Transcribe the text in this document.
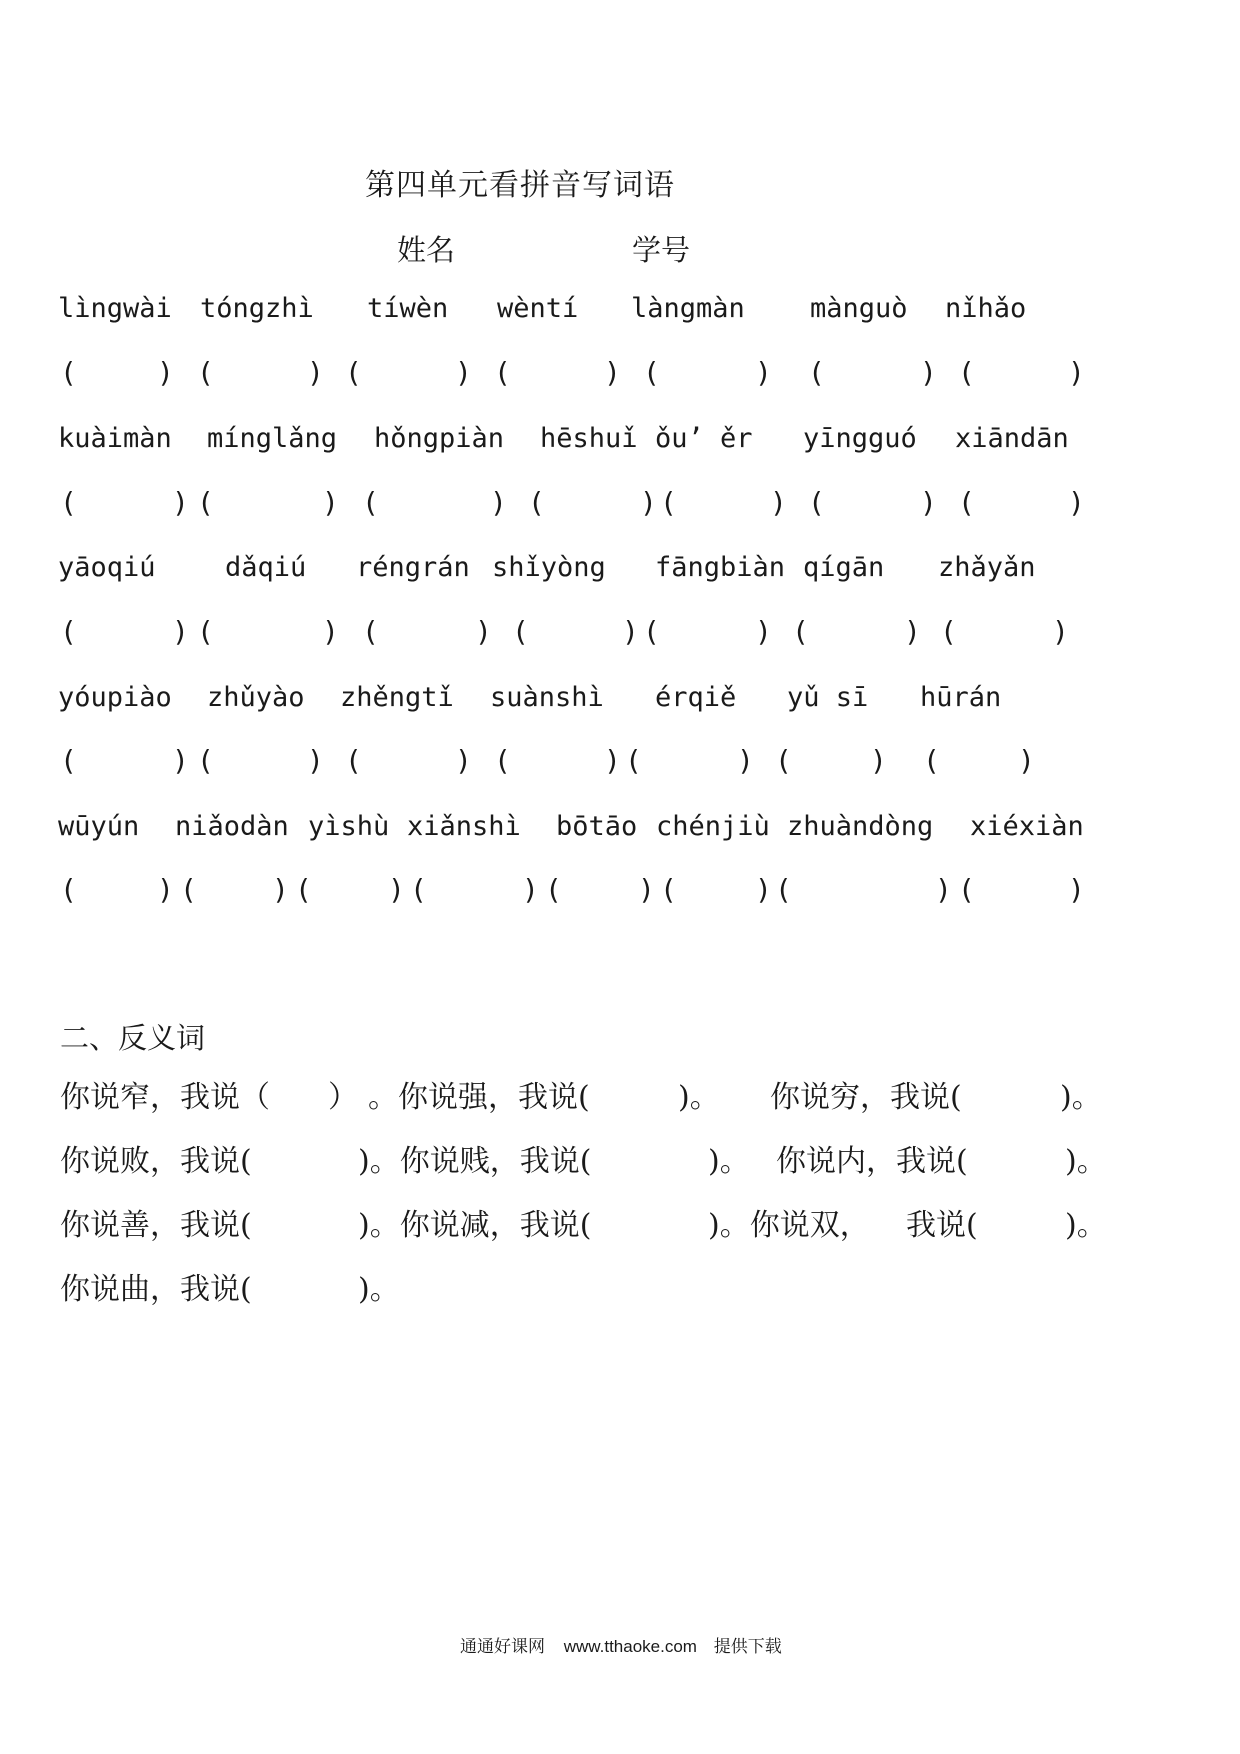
第四单元看拼音写词语
姓名	学号
lìngwài tóngzhì tíwèn wèntí làngmàn mànguò nǐhǎo
(	) (	) (	) (	) (	) (	) (	)
kuàimàn mínglǎng hǒngpiàn hēshuǐ ǒu’ ěr yīngguó xiāndān
(	) (	) (	) (	) (	) (	) (	)
yāoqiú	dǎqiú réngrán shǐyòng fāngbiàn qígān zhǎyǎn
(	) (	) (	) (	) (	) (	) (	)
yóupiào zhǔyào zhěngtǐ suànshì érqiě yǔ sī hūrán
(	) (	) (	) (	) (	) (	) (	)
wūyún niǎodàn yìshù xiǎnshì bōtāo chénjiù zhuàndòng xiéxiàn
(	) (	) (	) (	) (	) (	) (	) (	)
二、反义词
你说窄，我说（ ） 。你说强，我说(	)。 你说穷，我说(	)。
你说败，我说(	)。你说贱，我说(	)。 你说内，我说(	)。
你说善，我说(	)。你说减，我说(	)。你说双， 我说(	)。
你说曲，我说(	)。
通通好课网 www.tthaoke.com 提供下载
